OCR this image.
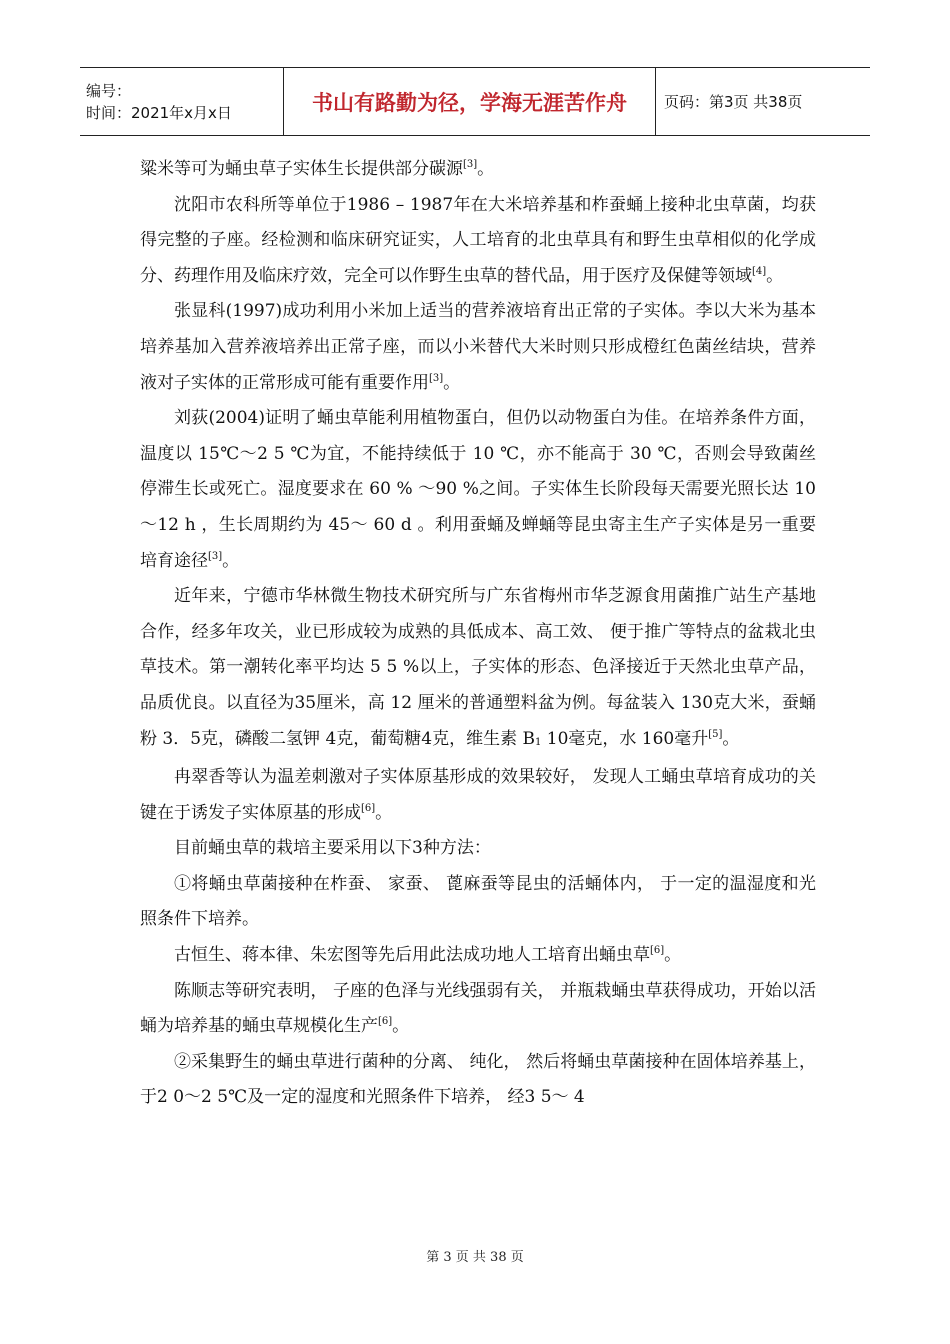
编号：
时间：2021年x月x日	书山有路勤为径，学海无涯苦作舟 页码：第3页 共38页

粱米等可为蛹虫草子实体生长提供部分碳源[3]。

沈阳市农科所等单位于1986 – 1987年在大米培养基和柞蚕蛹上接种北虫草菌，均获得完整的子座。经检测和临床研究证实，人工培育的北虫草具有和野生虫草相似的化学成分、药理作用及临床疗效，完全可以作野生虫草的替代品，用于医疗及保健等领域[4]。

张显科(1997)成功利用小米加上适当的营养液培育出正常的子实体。李以大米为基本培养基加入营养液培养出正常子座，而以小米替代大米时则只形成橙红色菌丝结块，营养液对子实体的正常形成可能有重要作用[3]。

刘荻(2004)证明了蛹虫草能利用植物蛋白，但仍以动物蛋白为佳。在培养条件方面，温度以 15℃～2 5 ℃为宜，不能持续低于 10 ℃，亦不能高于 30 ℃，否则会导致菌丝停滞生长或死亡。湿度要求在 60 % ～90 %之间。子实体生长阶段每天需要光照长达 10～12 h ，生长周期约为 45～ 60 d 。利用蚕蛹及蝉蛹等昆虫寄主生产子实体是另一重要培育途径[3]。

近年来，宁德市华林微生物技术研究所与广东省梅州市华芝源食用菌推广站生产基地合作，经多年攻关，业已形成较为成熟的具低成本、高工效、 便于推广等特点的盆栽北虫草技术。第一潮转化率平均达 5 5 %以上，子实体的形态、色泽接近于天然北虫草产品，品质优良。以直径为35厘米，高 12 厘米的普通塑料盆为例。每盆装入 130克大米，蚕蛹粉 3．5克，磷酸二氢钾 4克，葡萄糖4克，维生素 $B_1$ 10毫克，水 160毫升[5]。

冉翠香等认为温差刺激对子实体原基形成的效果较好， 发现人工蛹虫草培育成功的关键在于诱发子实体原基的形成[6]。

目前蛹虫草的栽培主要采用以下3种方法：

①将蛹虫草菌接种在柞蚕、 家蚕、 蓖麻蚕等昆虫的活蛹体内， 于一定的温湿度和光照条件下培养。

古恒生、蒋本律、朱宏图等先后用此法成功地人工培育出蛹虫草[6]。

陈顺志等研究表明， 子座的色泽与光线强弱有关， 并瓶栽蛹虫草获得成功，开始以活蛹为培养基的蛹虫草规模化生产[6]。

②采集野生的蛹虫草进行菌种的分离、 纯化， 然后将蛹虫草菌接种在固体培养基上， 于2 0～2 5℃及一定的湿度和光照条件下培养， 经3 5～ 4

第 3 页 共 38 页
